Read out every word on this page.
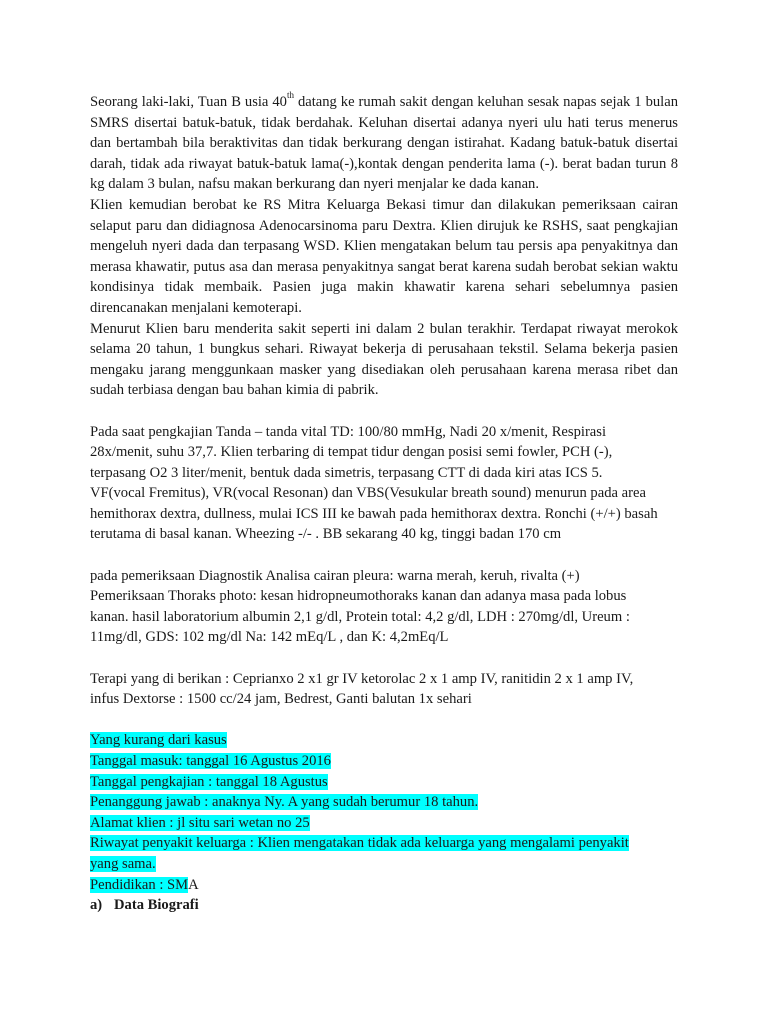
Seorang laki-laki, Tuan B usia 40th datang ke rumah sakit dengan keluhan sesak napas sejak 1 bulan SMRS disertai batuk-batuk, tidak berdahak. Keluhan disertai adanya nyeri ulu hati terus menerus dan bertambah bila beraktivitas dan tidak berkurang dengan istirahat. Kadang batuk-batuk disertai darah, tidak ada riwayat batuk-batuk lama(-),kontak dengan penderita lama (-). berat badan turun 8 kg dalam 3 bulan, nafsu makan berkurang dan nyeri menjalar ke dada kanan.

Klien kemudian berobat ke RS Mitra Keluarga Bekasi timur dan dilakukan pemeriksaan cairan selaput paru dan didiagnosa Adenocarsinoma paru Dextra. Klien dirujuk ke RSHS, saat pengkajian mengeluh nyeri dada dan terpasang WSD. Klien mengatakan belum tau persis apa penyakitnya dan merasa khawatir, putus asa dan merasa penyakitnya sangat berat karena sudah berobat sekian waktu kondisinya tidak membaik. Pasien juga makin khawatir karena sehari sebelumnya pasien direncanakan menjalani kemoterapi.

Menurut Klien baru menderita sakit seperti ini dalam 2 bulan terakhir. Terdapat riwayat merokok selama 20 tahun, 1 bungkus sehari. Riwayat bekerja di perusahaan tekstil. Selama bekerja pasien mengaku jarang menggunkaan masker yang disediakan oleh perusahaan karena merasa ribet dan sudah terbiasa dengan bau bahan kimia di pabrik.

Pada saat pengkajian Tanda – tanda vital TD: 100/80 mmHg, Nadi 20 x/menit, Respirasi
28x/menit, suhu 37,7. Klien terbaring di tempat tidur dengan posisi semi fowler, PCH (-),
terpasang O2 3 liter/menit, bentuk dada simetris, terpasang CTT di dada kiri atas ICS 5.
VF(vocal Fremitus), VR(vocal Resonan) dan VBS(Vesukular breath sound) menurun pada area
hemithorax dextra, dullness, mulai ICS III ke bawah pada hemithorax dextra. Ronchi (+/+) basah
terutama di basal kanan. Wheezing -/- . BB sekarang 40 kg, tinggi badan 170 cm
pada pemeriksaan Diagnostik Analisa cairan pleura: warna merah, keruh, rivalta (+)
Pemeriksaan Thoraks photo: kesan hidropneumothoraks kanan dan adanya masa pada lobus
kanan. hasil laboratorium albumin 2,1 g/dl, Protein total: 4,2 g/dl, LDH : 270mg/dl, Ureum :
11mg/dl, GDS: 102 mg/dl Na: 142 mEq/L , dan K: 4,2mEq/L
Terapi yang di berikan : Ceprianxo 2 x1 gr IV ketorolac 2 x 1 amp IV, ranitidin 2 x 1 amp IV,
infus Dextorse : 1500 cc/24 jam, Bedrest, Ganti balutan 1x sehari
Yang kurang dari kasus
Tanggal masuk: tanggal 16 Agustus 2016
Tanggal pengkajian : tanggal 18 Agustus
Penanggung jawab : anaknya Ny. A yang sudah berumur 18 tahun.
Alamat klien : jl situ sari wetan no 25
Riwayat penyakit keluarga : Klien mengatakan tidak ada keluarga yang mengalami penyakit
yang sama.
Pendidikan : SMA
a) Data Biografi
